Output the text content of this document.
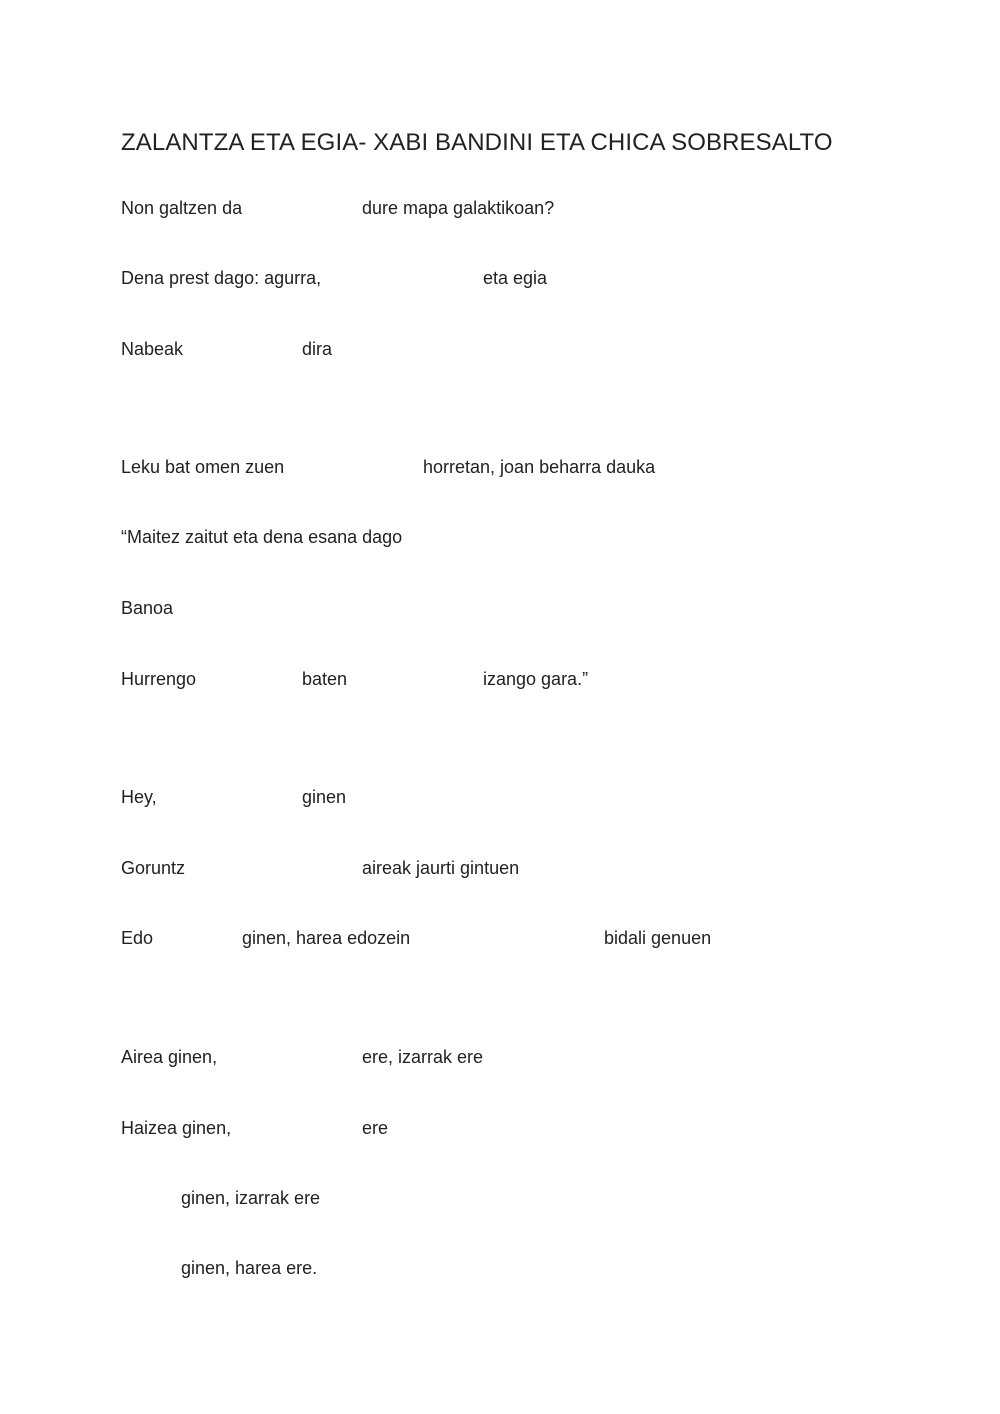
ZALANTZA ETA EGIA- XABI BANDINI ETA CHICA SOBRESALTO
Non galtzen da	dure mapa galaktikoan?
Dena prest dago: agurra,	eta egia
Nabeak	dira
Leku bat omen zuen	horretan, joan beharra dauka
“Maitez zaitut eta dena esana dago
Banoa
Hurrengo	baten	izango gara.”
Hey,	ginen
Goruntz	aireak jaurti gintuen
Edo	ginen, harea edozein	bidali genuen
Airea ginen,	ere, izarrak ere
Haizea ginen,	ere
ginen, izarrak ere
ginen, harea ere.
